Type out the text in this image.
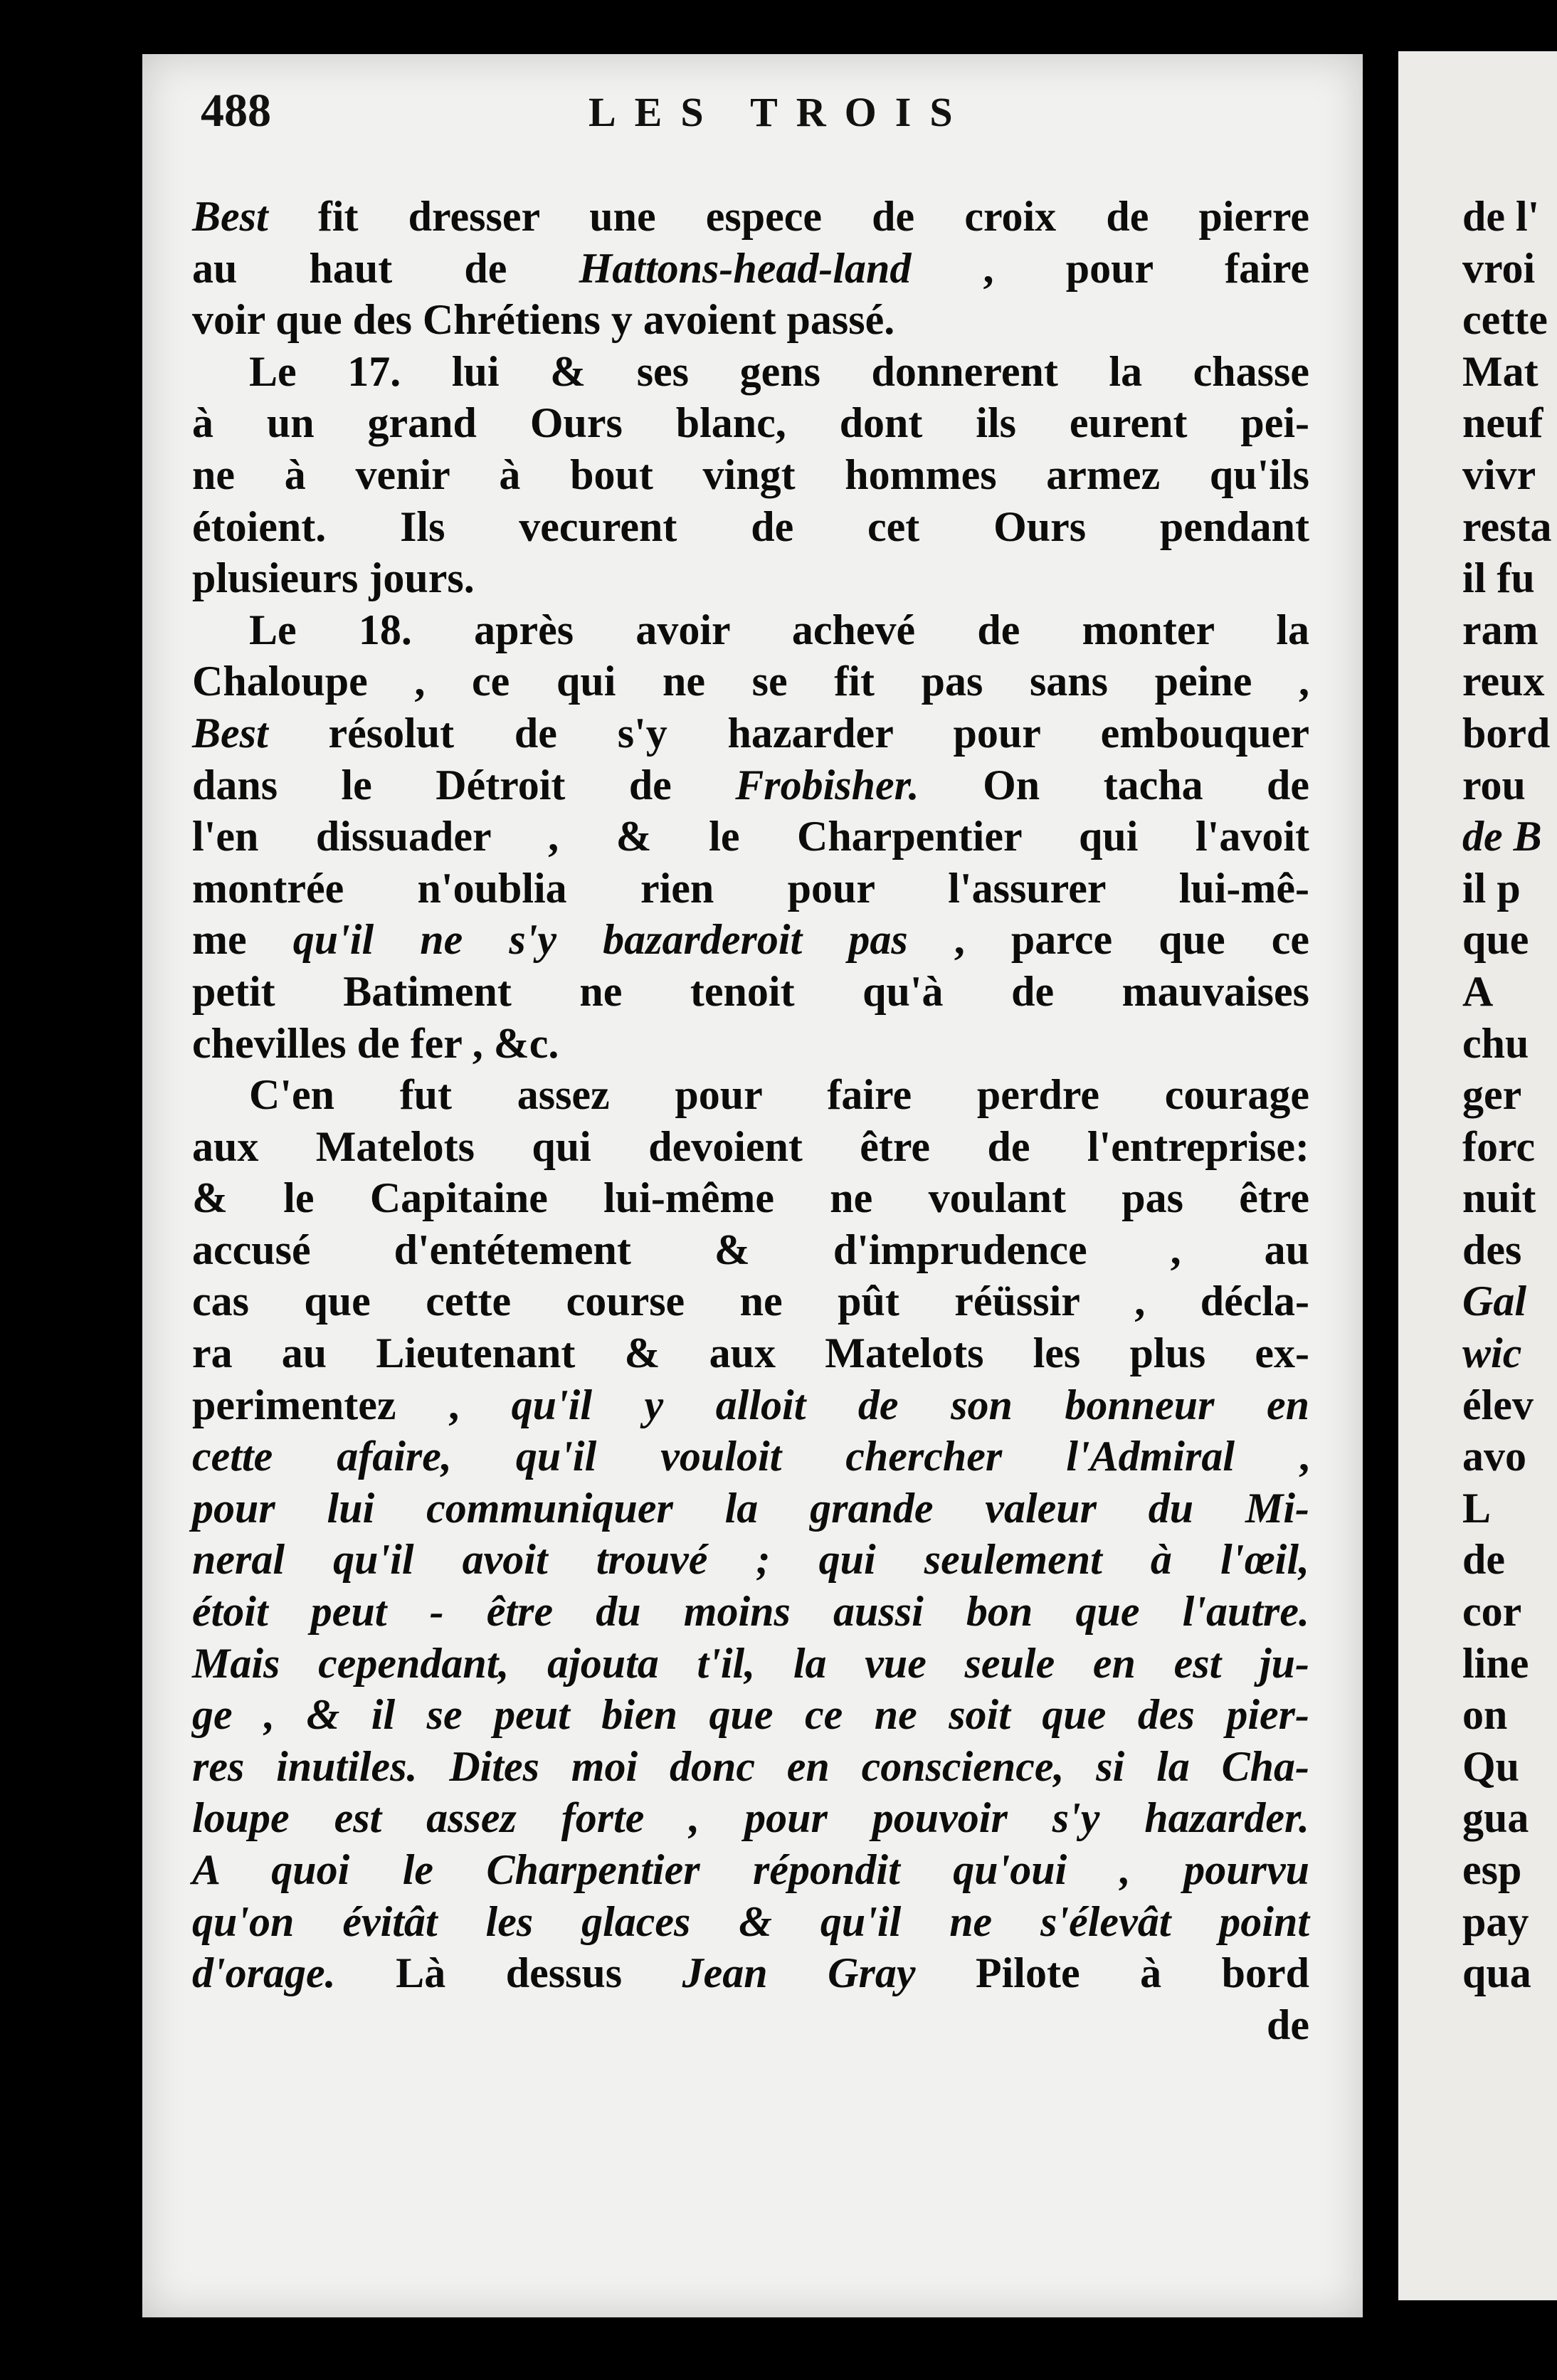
488	LES TROIS
Best fit dresser une espece de croix de pierre
au haut de Hattons-head-land , pour faire
voir que des Chrétiens y avoient passé.
Le 17. lui & ses gens donnerent la chasse
à un grand Ours blanc, dont ils eurent pei-
ne à venir à bout vingt hommes armez qu'ils
étoient. Ils vecurent de cet Ours pendant
plusieurs jours.
Le 18. après avoir achevé de monter la
Chaloupe , ce qui ne se fit pas sans peine ,
Best résolut de s'y hazarder pour embouquer
dans le Détroit de Frobisher. On tacha de
l'en dissuader , & le Charpentier qui l'avoit
montrée n'oublia rien pour l'assurer lui-mê-
me qu'il ne s'y bazarderoit pas , parce que ce
petit Batiment ne tenoit qu'à de mauvaises
chevilles de fer , &c.
C'en fut assez pour faire perdre courage
aux Matelots qui devoient être de l'entreprise:
& le Capitaine lui-même ne voulant pas être
accusé d'entétement & d'imprudence , au
cas que cette course ne pût réüssir , décla-
ra au Lieutenant & aux Matelots les plus ex-
perimentez , qu'il y alloit de son bonneur en
cette afaire, qu'il vouloit chercher l'Admiral ,
pour lui communiquer la grande valeur du Mi-
neral qu'il avoit trouvé ; qui seulement à l'œil,
étoit peut - être du moins aussi bon que l'autre.
Mais cependant, ajouta t'il, la vue seule en est ju-
ge , & il se peut bien que ce ne soit que des pier-
res inutiles. Dites moi donc en conscience, si la Cha-
loupe est assez forte , pour pouvoir s'y hazarder.
A quoi le Charpentier répondit qu'oui , pourvu
qu'on évitât les glaces & qu'il ne s'élevât point
d'orage. Là dessus Jean Gray Pilote à bord
de
de l'
vroi
cette
Mat
neuf
vivr
resta
il fu
ram
reux
bord
rou
de B
il p
que
A
chu
ger
forc
nuit
des
Gal
wic
élev
avo
L
de
cor
line
on
Qu
gua
esp
pay
qua
